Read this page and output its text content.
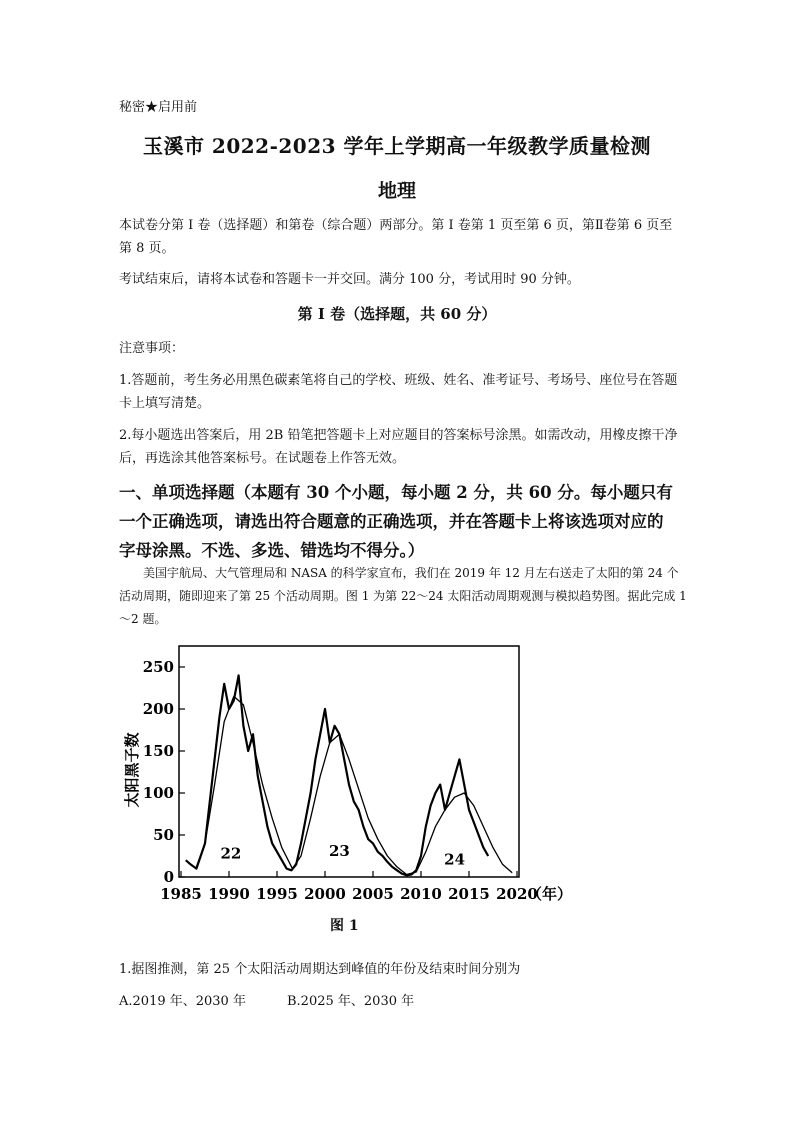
秘密★启用前
玉溪市 2022-2023 学年上学期高一年级教学质量检测
地理
本试卷分第 I 卷（选择题）和第卷（综合题）两部分。第 I 卷第 1 页至第 6 页，第Ⅱ卷第 6 页至第 8 页。
考试结束后，请将本试卷和答题卡一并交回。满分 100 分，考试用时 90 分钟。
第 I 卷（选择题，共 60 分）
注意事项：
1.答题前，考生务必用黑色碳素笔将自己的学校、班级、姓名、准考证号、考场号、座位号在答题卡上填写清楚。
2.每小题选出答案后，用 2B 铅笔把答题卡上对应题目的答案标号涂黑。如需改动，用橡皮擦干净后，再选涂其他答案标号。在试题卷上作答无效。
一、单项选择题（本题有 30 个小题，每小题 2 分，共 60 分。每小题只有一个正确选项，请选出符合题意的正确选项，并在答题卡上将该选项对应的字母涂黑。不选、多选、错选均不得分。）
美国宇航局、大气管理局和 NASA 的科学家宣布，我们在 2019 年 12 月左右送走了太阳的第 24 个活动周期，随即迎来了第 25 个活动周期。图 1 为第 22～24 太阳活动周期观测与模拟趋势图。据此完成 1～2 题。
太阳黑子数
0
50
100
150
200
250
1985 1990 1995 2000 2005 2010 2015 2020
22	23	24
（年）
图 1
1.据图推测，第 25 个太阳活动周期达到峰值的年份及结束时间分别为
A.2019 年、2030 年	B.2025 年、2030 年
